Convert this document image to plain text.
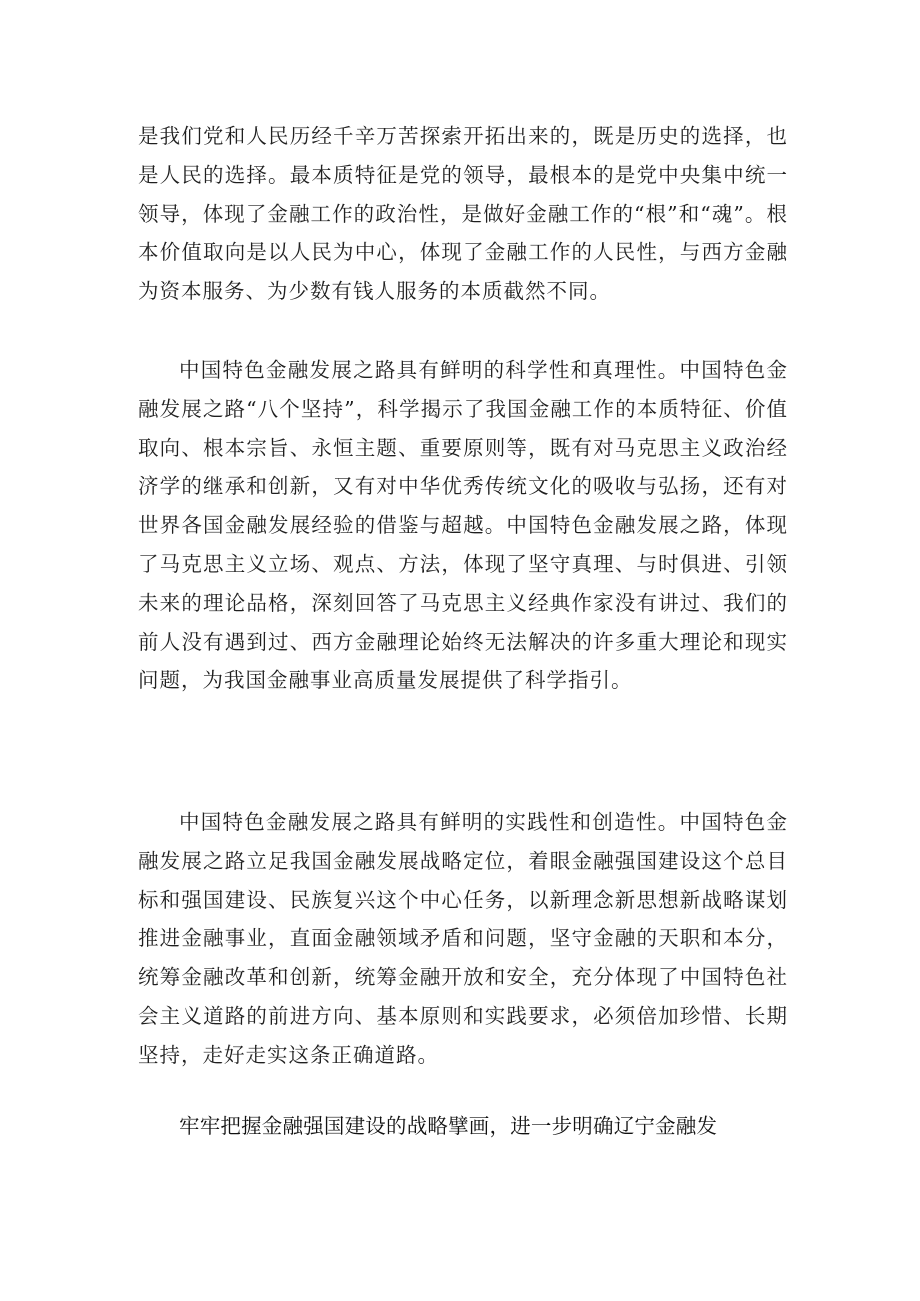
是我们党和人民历经千辛万苦探索开拓出来的，既是历史的选择，也是人民的选择。最本质特征是党的领导，最根本的是党中央集中统一领导，体现了金融工作的政治性，是做好金融工作的“根”和“魂”。根本价值取向是以人民为中心，体现了金融工作的人民性，与西方金融为资本服务、为少数有钱人服务的本质截然不同。

中国特色金融发展之路具有鲜明的科学性和真理性。中国特色金融发展之路“八个坚持”，科学揭示了我国金融工作的本质特征、价值取向、根本宗旨、永恒主题、重要原则等，既有对马克思主义政治经济学的继承和创新，又有对中华优秀传统文化的吸收与弘扬，还有对世界各国金融发展经验的借鉴与超越。中国特色金融发展之路，体现了马克思主义立场、观点、方法，体现了坚守真理、与时俱进、引领未来的理论品格，深刻回答了马克思主义经典作家没有讲过、我们的前人没有遇到过、西方金融理论始终无法解决的许多重大理论和现实问题，为我国金融事业高质量发展提供了科学指引。

中国特色金融发展之路具有鲜明的实践性和创造性。中国特色金融发展之路立足我国金融发展战略定位，着眼金融强国建设这个总目标和强国建设、民族复兴这个中心任务，以新理念新思想新战略谋划推进金融事业，直面金融领域矛盾和问题，坚守金融的天职和本分，统筹金融改革和创新，统筹金融开放和安全，充分体现了中国特色社会主义道路的前进方向、基本原则和实践要求，必须倍加珍惜、长期坚持，走好走实这条正确道路。

牢牢把握金融强国建设的战略擘画，进一步明确辽宁金融发
